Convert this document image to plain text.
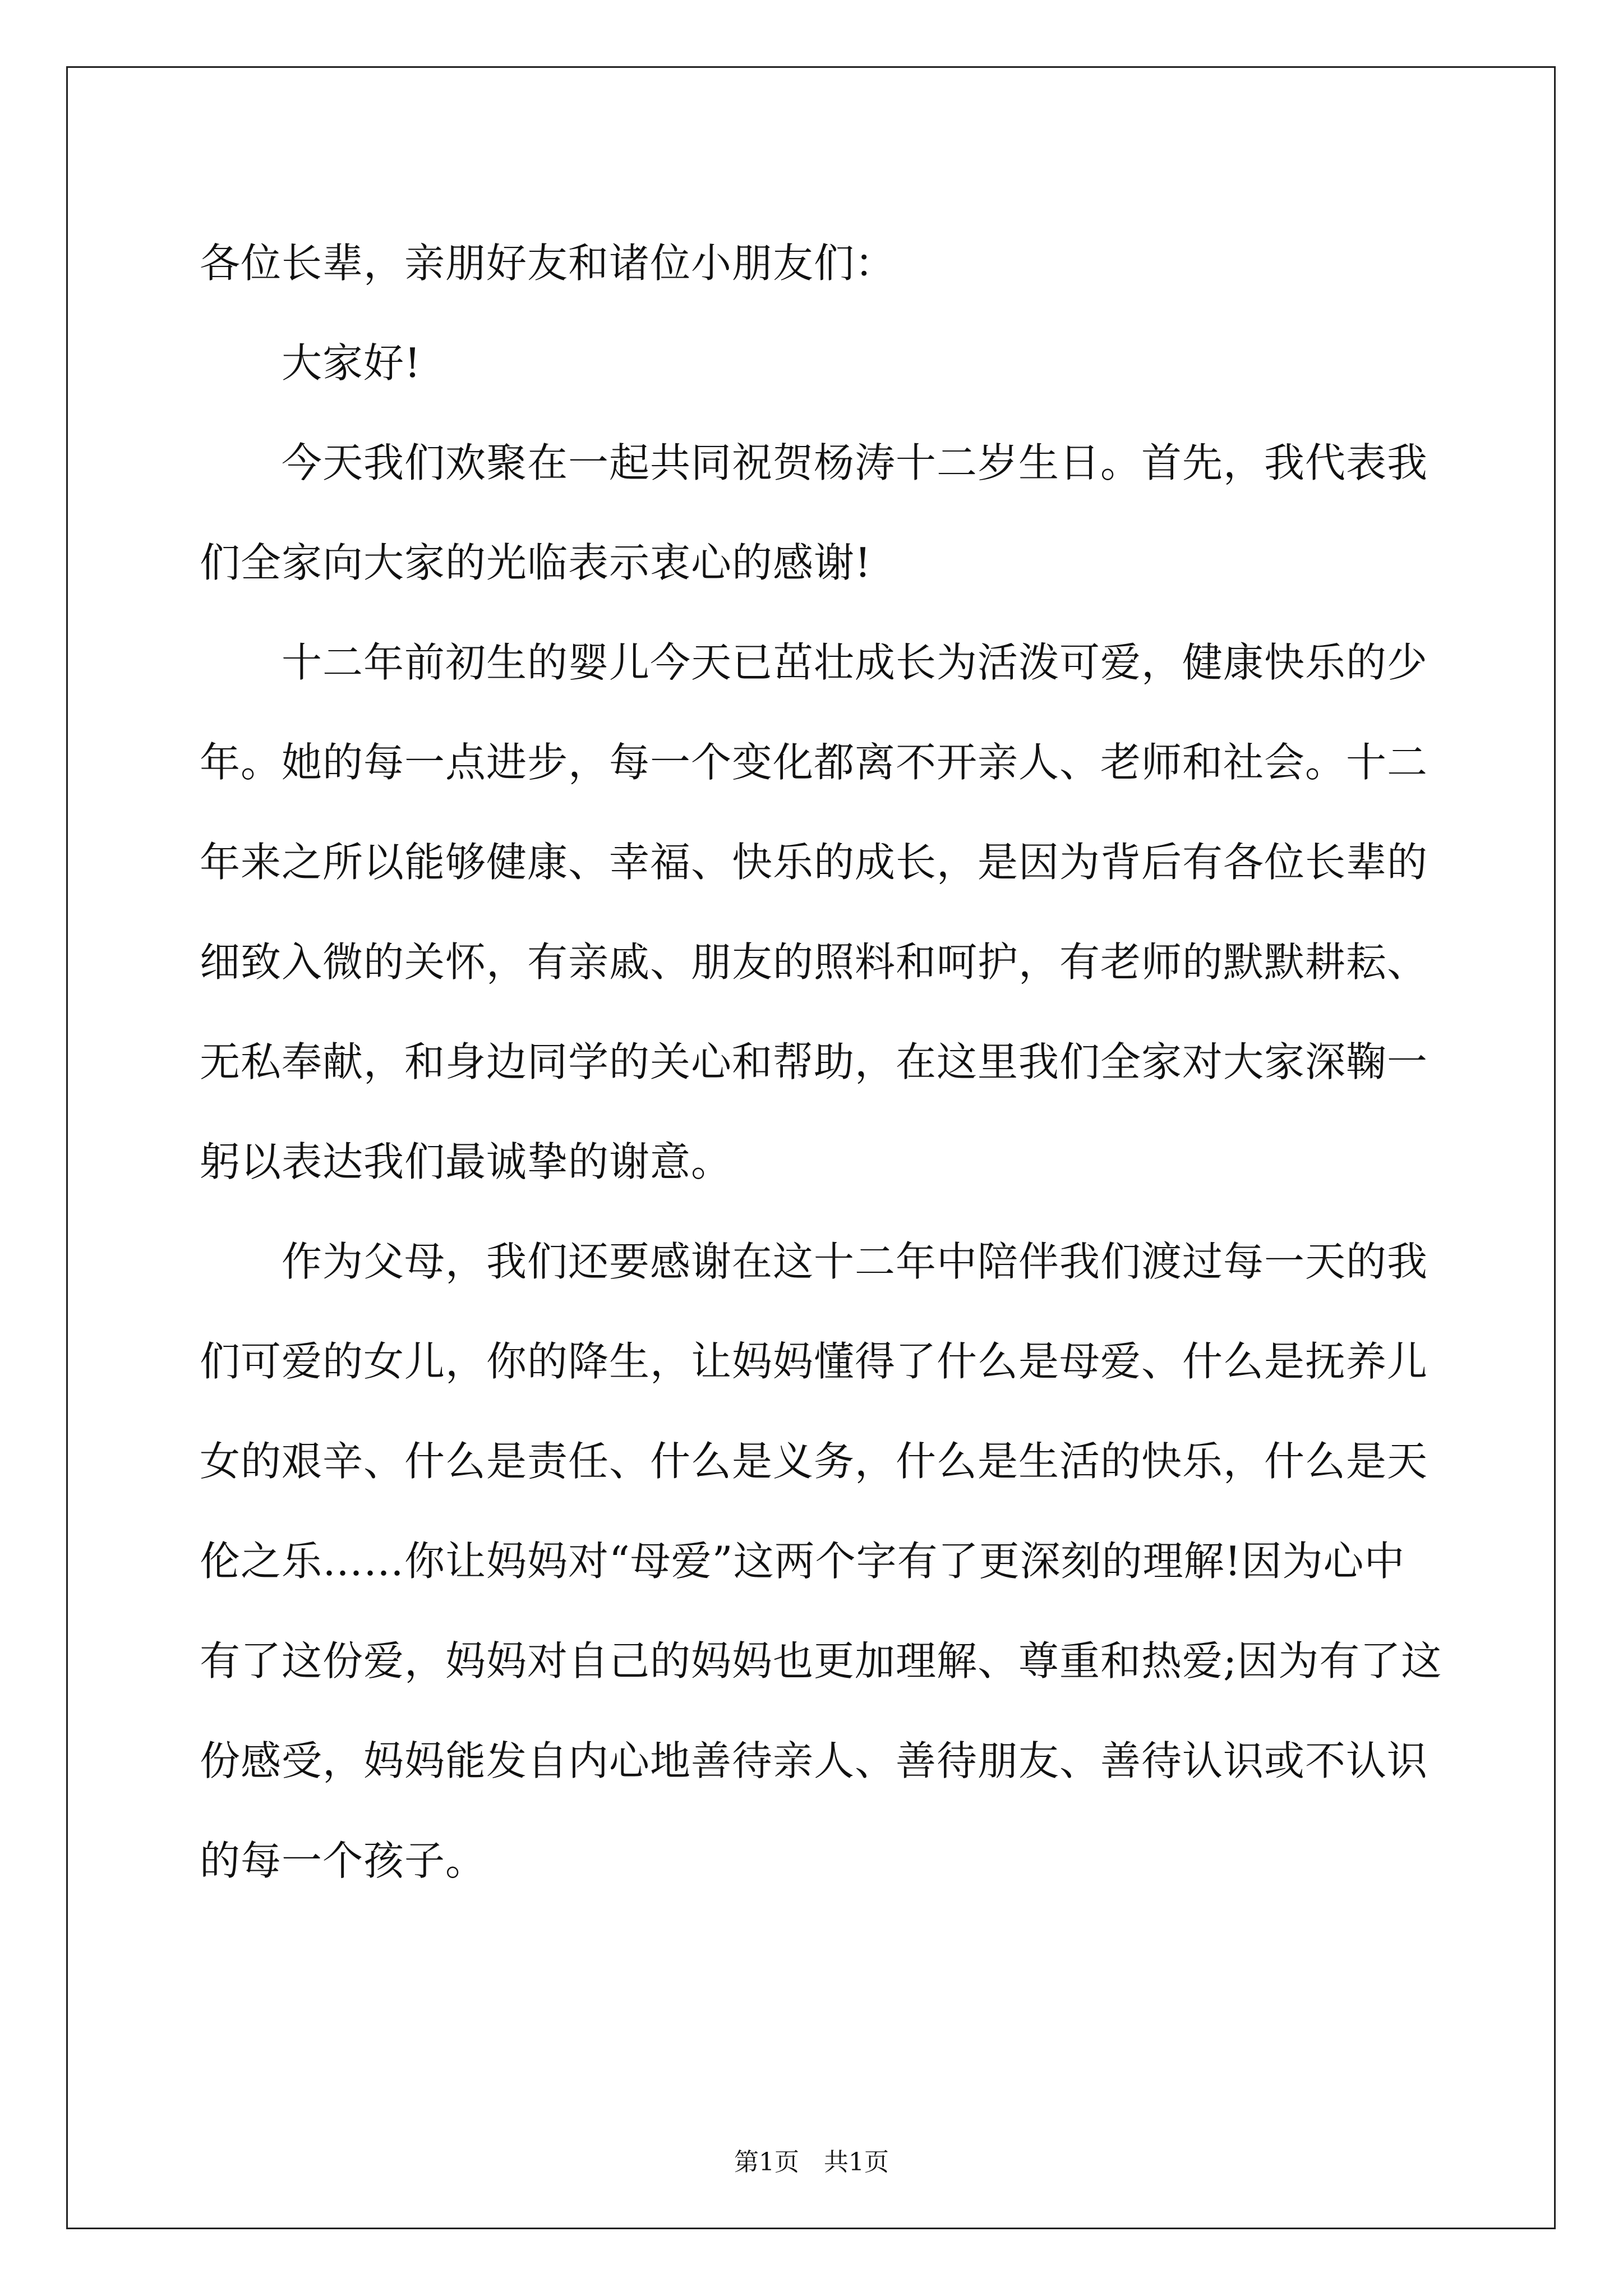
各位长辈，亲朋好友和诸位小朋友们：

大家好!

今天我们欢聚在一起共同祝贺杨涛十二岁生日。首先，我代表我

们全家向大家的光临表示衷心的感谢!

十二年前初生的婴儿今天已茁壮成长为活泼可爱，健康快乐的少

年。她的每一点进步，每一个变化都离不开亲人、老师和社会。十二

年来之所以能够健康、幸福、快乐的成长，是因为背后有各位长辈的

细致入微的关怀，有亲戚、朋友的照料和呵护，有老师的默默耕耘、

无私奉献，和身边同学的关心和帮助，在这里我们全家对大家深鞠一

躬以表达我们最诚挚的谢意。

作为父母，我们还要感谢在这十二年中陪伴我们渡过每一天的我

们可爱的女儿，你的降生，让妈妈懂得了什么是母爱、什么是抚养儿

女的艰辛、什么是责任、什么是义务，什么是生活的快乐，什么是天

伦之乐……你让妈妈对“母爱”这两个字有了更深刻的理解!因为心中

有了这份爱，妈妈对自己的妈妈也更加理解、尊重和热爱;因为有了这

份感受，妈妈能发自内心地善待亲人、善待朋友、善待认识或不认识

的每一个孩子。

第1页 共1页
